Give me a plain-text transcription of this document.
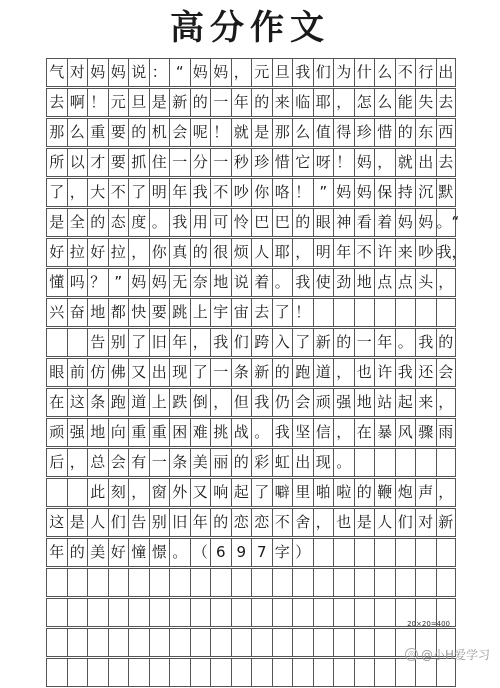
高分作文
气 对 妈 妈 说 ： “ 妈 妈 ， 元 旦 我 们 为 什 么 不 行 出
去 啊 ！ 元 旦 是 新 的 一 年 的 来 临 耶 ， 怎 么 能 失 去
那 么 重 要 的 机 会 呢 ！ 就 是 那 么 值 得 珍 惜 的 东 西
所 以 才 要 抓 住 一 分 一 秒 珍 惜 它 呀 ！ 妈 ， 就 出 去
了 ， 大 不 了 明 年 我 不 吵 你 咯 ！ ” 妈 妈 保 持 沉 默
是 全 的 态 度 。 我 用 可 怜 巴 巴 的 眼 神 看 着 妈 妈 。“
好 拉 好 拉 ， 你 真 的 很 烦 人 耶 ， 明 年 不 许 来 吵 我，
懂 吗 ？ ” 妈 妈 无 奈 地 说 着 。 我 使 劲 地 点 点 头 ，
兴 奋 地 都 快 要 跳 上 宇 宙 去 了 ！

告 别 了 旧 年 ， 我 们 跨 入 了 新 的 一 年 。 我 的
眼 前 仿 佛 又 出 现 了 一 条 新 的 跑 道 ， 也 许 我 还 会
在 这 条 跑 道 上 跌 倒 ， 但 我 仍 会 顽 强 地 站 起 来 ，
顽 强 地 向 重 重 困 难 挑 战 。 我 坚 信 ， 在 暴 风 骤 雨
后 ， 总 会 有 一 条 美 丽 的 彩 虹 出 现 。

此 刻 ， 窗 外 又 响 起 了 噼 里 啪 啦 的 鞭 炮 声 ，
这 是 人 们 告 别 旧 年 的 恋 恋 不 舍 ， 也 是 人 们 对 新
年 的 美 好 憧 憬 。 （ 6 9 7 字 ）
20×20=400
◎ @小H爱学习
